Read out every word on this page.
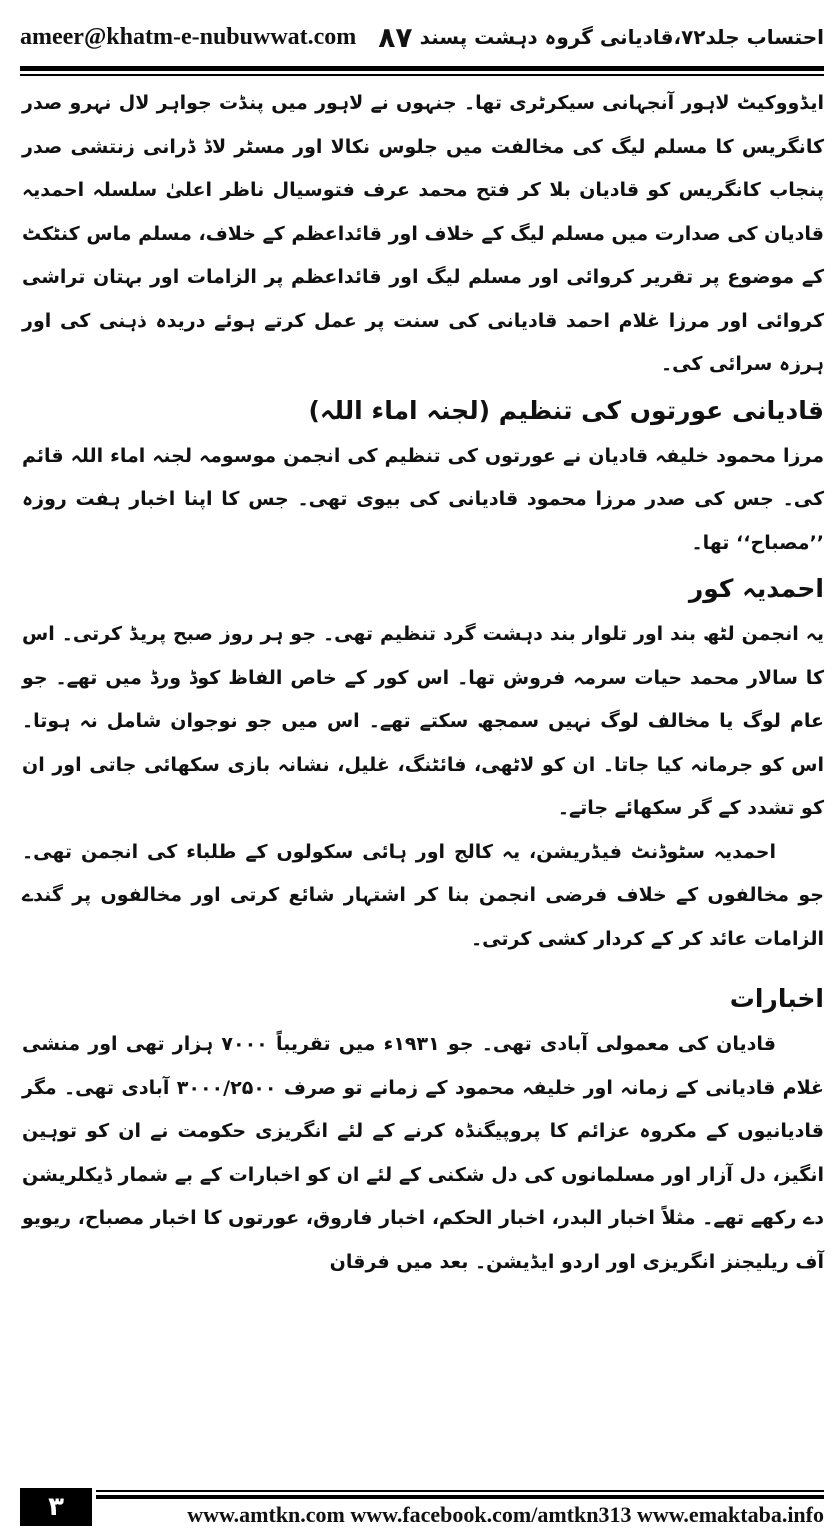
ameer@khatm-e-nubuwwat.com ۸۷ احتساب جلد۷۲،قادیانی گروہ دہشت پسند

ایڈووکیٹ لاہور آنجہانی سیکرٹری تھا۔ جنہوں نے لاہور میں پنڈت جواہر لال نہرو صدر کانگریس کا مسلم لیگ کی مخالفت میں جلوس نکالا اور مسٹر لاڈ ڈرانی زنتشی صدر پنجاب کانگریس کو قادیان بلا کر فتح محمد عرف فتوسیال ناظر اعلیٰ سلسلہ احمدیہ قادیان کی صدارت میں مسلم لیگ کے خلاف اور قائداعظم کے خلاف، مسلم ماس کنٹکٹ کے موضوع پر تقریر کروائی اور مسلم لیگ اور قائداعظم پر الزامات اور بہتان تراشی کروائی اور مرزا غلام احمد قادیانی کی سنت پر عمل کرتے ہوئے دریدہ ذہنی کی اور ہرزہ سرائی کی۔

قادیانی عورتوں کی تنظیم (لجنہ اماء اللہ)

مرزا محمود خلیفہ قادیان نے عورتوں کی تنظیم کی انجمن موسومہ لجنہ اماء اللہ قائم کی۔ جس کی صدر مرزا محمود قادیانی کی بیوی تھی۔ جس کا اپنا اخبار ہفت روزہ ’’مصباح‘‘ تھا۔

احمدیہ کور

یہ انجمن لٹھ بند اور تلوار بند دہشت گرد تنظیم تھی۔ جو ہر روز صبح پریڈ کرتی۔ اس کا سالار محمد حیات سرمہ فروش تھا۔ اس کور کے خاص الفاظ کوڈ ورڈ میں تھے۔ جو عام لوگ یا مخالف لوگ نہیں سمجھ سکتے تھے۔ اس میں جو نوجوان شامل نہ ہوتا۔ اس کو جرمانہ کیا جاتا۔ ان کو لاٹھی، فائٹنگ، غلیل، نشانہ بازی سکھائی جاتی اور ان کو تشدد کے گر سکھائے جاتے۔

احمدیہ سٹوڈنٹ فیڈریشن، یہ کالج اور ہائی سکولوں کے طلباء کی انجمن تھی۔ جو مخالفوں کے خلاف فرضی انجمن بنا کر اشتہار شائع کرتی اور مخالفوں پر گندے الزامات عائد کر کے کردار کشی کرتی۔

اخبارات

قادیان کی معمولی آبادی تھی۔ جو ۱۹۳۱ء میں تقریباً ۷۰۰۰ ہزار تھی اور منشی غلام قادیانی کے زمانہ اور خلیفہ محمود کے زمانے تو صرف ۳۰۰۰/۲۵۰۰ آبادی تھی۔ مگر قادیانیوں کے مکروہ عزائم کا پروپیگنڈہ کرنے کے لئے انگریزی حکومت نے ان کو توہین انگیز، دل آزار اور مسلمانوں کی دل شکنی کے لئے ان کو اخبارات کے بے شمار ڈیکلریشن دے رکھے تھے۔ مثلاً اخبار البدر، اخبار الحکم، اخبار فاروق، عورتوں کا اخبار مصباح، ریویو آف ریلیجنز انگریزی اور اردو ایڈیشن۔ بعد میں فرقان

۳	www.amtkn.com www.facebook.com/amtkn313 www.emaktaba.info
